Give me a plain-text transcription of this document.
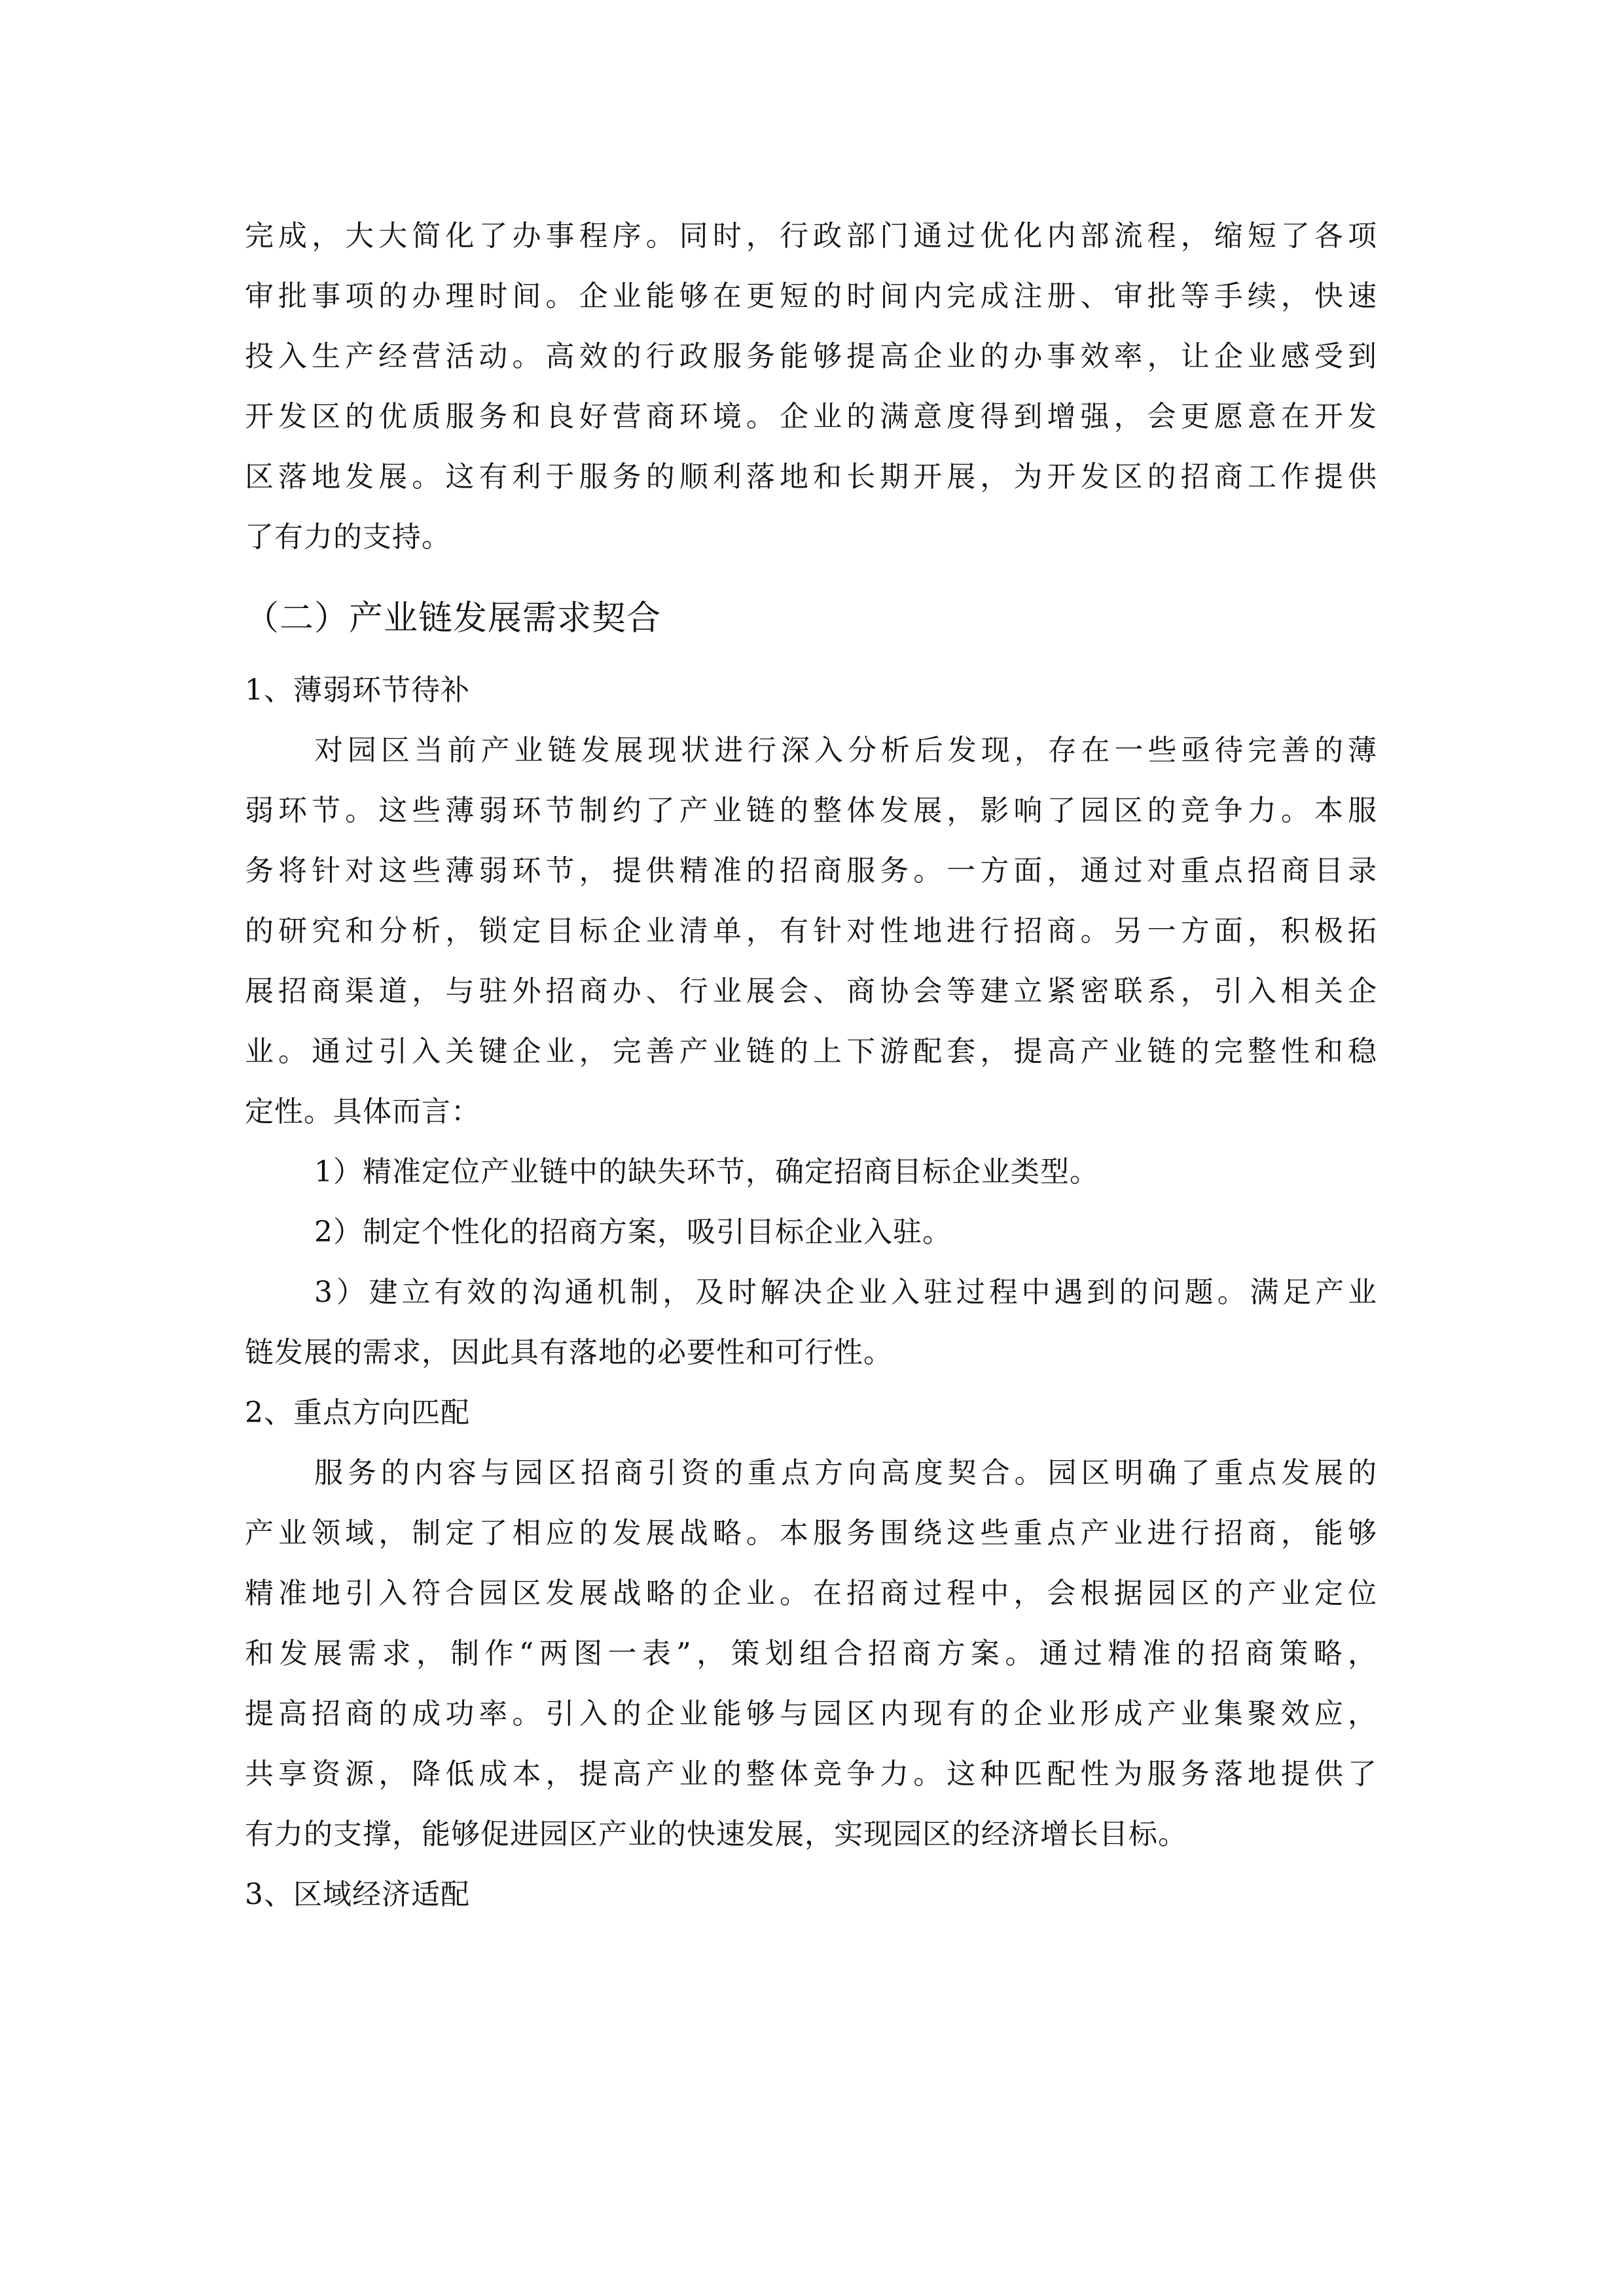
完成，大大简化了办事程序。同时，行政部门通过优化内部流程，缩短了各项
审批事项的办理时间。企业能够在更短的时间内完成注册、审批等手续，快速
投入生产经营活动。高效的行政服务能够提高企业的办事效率，让企业感受到
开发区的优质服务和良好营商环境。企业的满意度得到增强，会更愿意在开发
区落地发展。这有利于服务的顺利落地和长期开展，为开发区的招商工作提供
了有力的支持。

（二）产业链发展需求契合

1、薄弱环节待补

对园区当前产业链发展现状进行深入分析后发现，存在一些亟待完善的薄
弱环节。这些薄弱环节制约了产业链的整体发展，影响了园区的竞争力。本服
务将针对这些薄弱环节，提供精准的招商服务。一方面，通过对重点招商目录
的研究和分析，锁定目标企业清单，有针对性地进行招商。另一方面，积极拓
展招商渠道，与驻外招商办、行业展会、商协会等建立紧密联系，引入相关企
业。通过引入关键企业，完善产业链的上下游配套，提高产业链的完整性和稳
定性。具体而言：

1）精准定位产业链中的缺失环节，确定招商目标企业类型。

2）制定个性化的招商方案，吸引目标企业入驻。

3）建立有效的沟通机制，及时解决企业入驻过程中遇到的问题。满足产业
链发展的需求，因此具有落地的必要性和可行性。

2、重点方向匹配

服务的内容与园区招商引资的重点方向高度契合。园区明确了重点发展的
产业领域，制定了相应的发展战略。本服务围绕这些重点产业进行招商，能够
精准地引入符合园区发展战略的企业。在招商过程中，会根据园区的产业定位
和发展需求，制作“两图一表”，策划组合招商方案。通过精准的招商策略，
提高招商的成功率。引入的企业能够与园区内现有的企业形成产业集聚效应，
共享资源，降低成本，提高产业的整体竞争力。这种匹配性为服务落地提供了
有力的支撑，能够促进园区产业的快速发展，实现园区的经济增长目标。

3、区域经济适配
